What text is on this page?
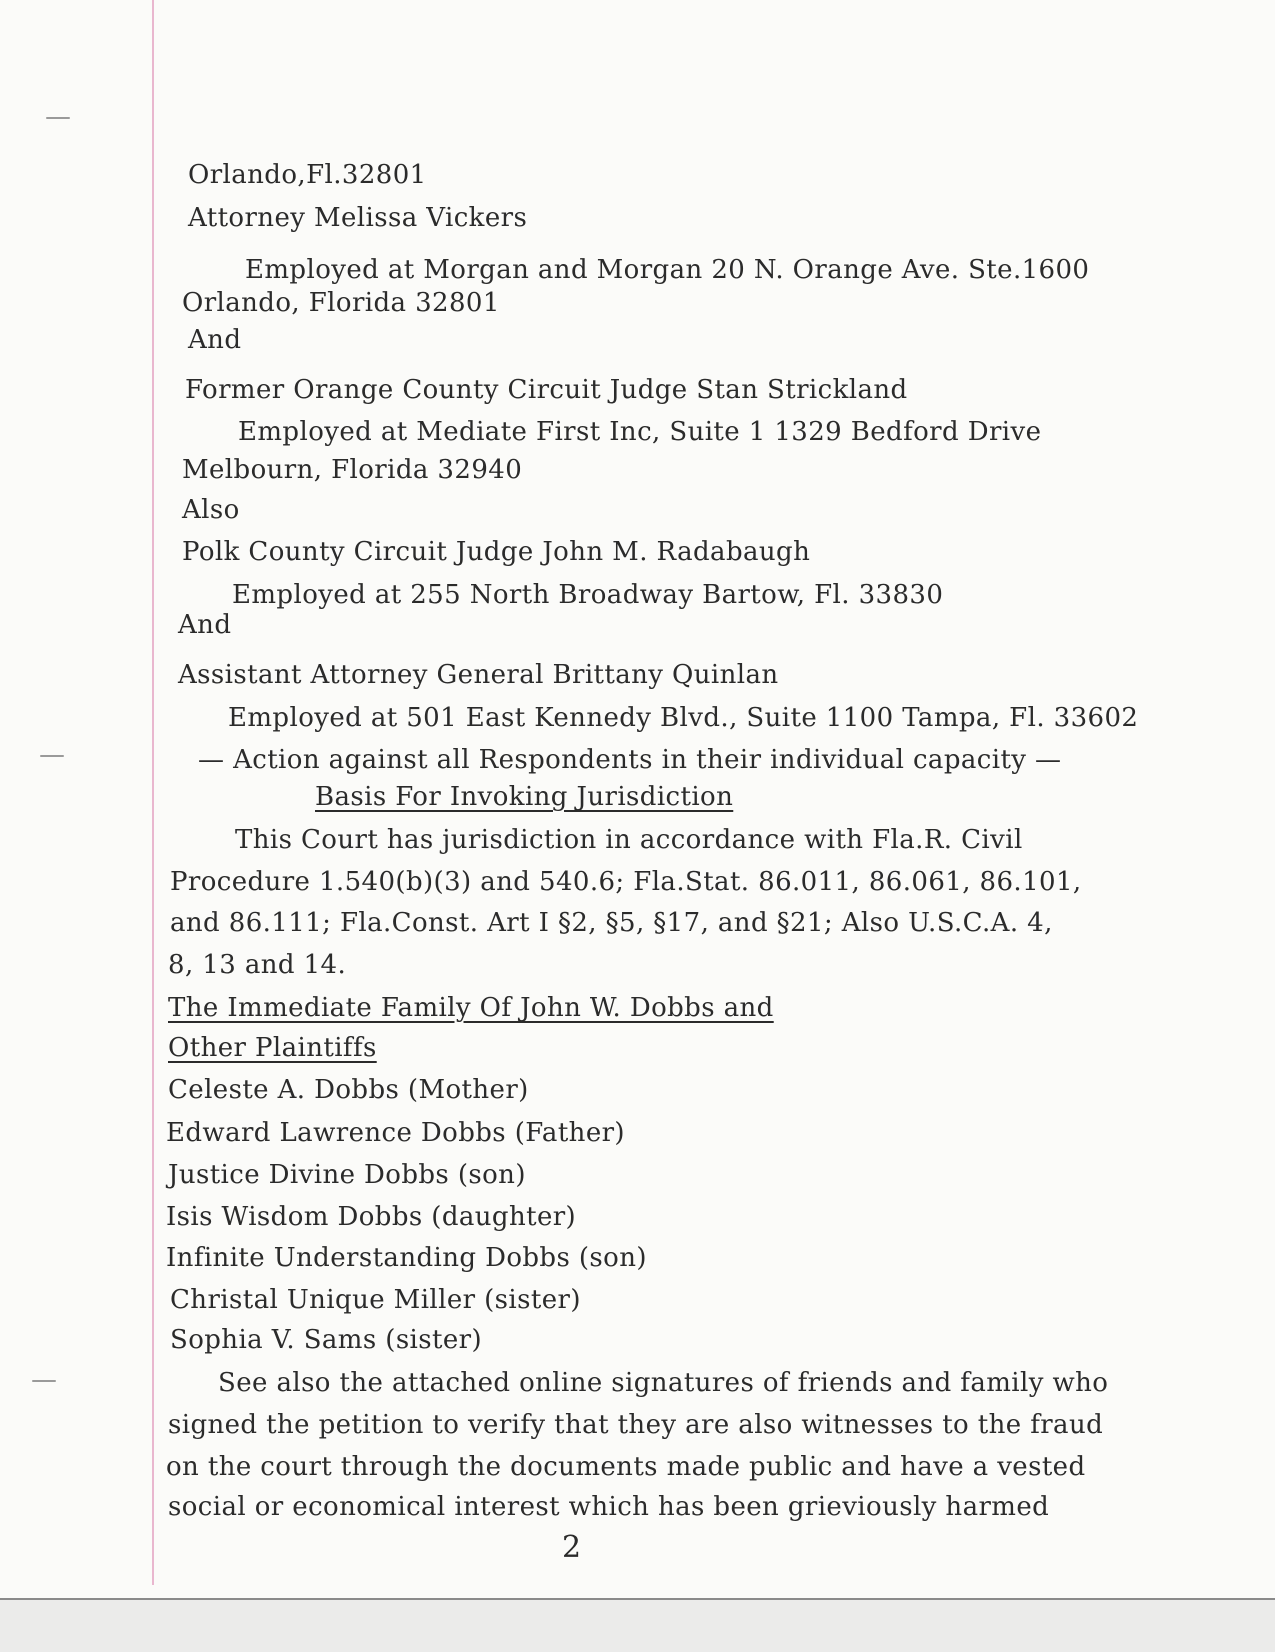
Orlando,Fl.32801
Attorney Melissa Vickers
Employed at Morgan and Morgan 20 N. Orange Ave. Ste.1600
Orlando, Florida 32801
And
Former Orange County Circuit Judge Stan Strickland
Employed at Mediate First Inc, Suite 1 1329 Bedford Drive
Melbourn, Florida 32940
Also
Polk County Circuit Judge John M. Radabaugh
Employed at 255 North Broadway Bartow, Fl. 33830
And
Assistant Attorney General Brittany Quinlan
Employed at 501 East Kennedy Blvd., Suite 1100 Tampa, Fl. 33602
— Action against all Respondents in their individual capacity —
Basis For Invoking Jurisdiction
This Court has jurisdiction in accordance with Fla.R. Civil
Procedure 1.540(b)(3) and 540.6; Fla.Stat. 86.011, 86.061, 86.101,
and 86.111; Fla.Const. Art I §2, §5, §17, and §21; Also U.S.C.A. 4,
8, 13 and 14.
The Immediate Family Of John W. Dobbs and
Other Plaintiffs
Celeste A. Dobbs (Mother)
Edward Lawrence Dobbs (Father)
Justice Divine Dobbs (son)
Isis Wisdom Dobbs (daughter)
Infinite Understanding Dobbs (son)
Christal Unique Miller (sister)
Sophia V. Sams (sister)
See also the attached online signatures of friends and family who
signed the petition to verify that they are also witnesses to the fraud
on the court through the documents made public and have a vested
social or economical interest which has been grieviously harmed
2
